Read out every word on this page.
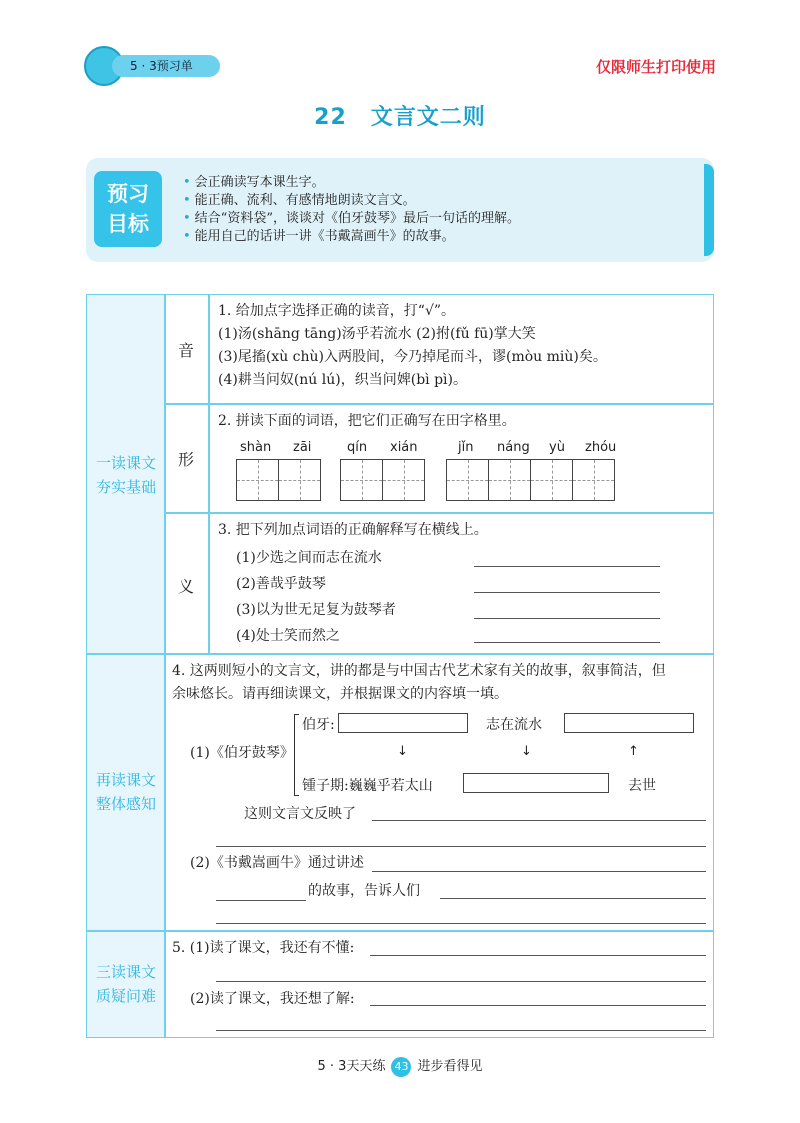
5 · 3预习单	仅限师生打印使用
22 文言文二则
预习
目标
• 会正确读写本课生字。
• 能正确、流利、有感情地朗读文言文。
• 结合“资料袋”，谈谈对《伯牙鼓琴》最后一句话的理解。
• 能用自己的话讲一讲《书戴嵩画牛》的故事。
一读课文
夯实基础
再读课文
整体感知
三读课文
质疑问难
音
1. 给加点字选择正确的读音，打“√”。
(1)汤(shāng tāng)汤乎若流水 (2)拊(fǔ fū)掌大笑
(3)尾搐(xù chù)入两股间，今乃掉尾而斗，谬(mòu miù)矣。
(4)耕当问奴(nú lú)，织当问婢(bì pì)。
形
2. 拼读下面的词语，把它们正确写在田字格里。
shàn zāi	qín xián	jǐn náng yù zhóu
义
3. 把下列加点词语的正确解释写在横线上。
(1)少选之间而志在流水
(2)善哉乎鼓琴
(3)以为世无足复为鼓琴者
(4)处士笑而然之
4. 这两则短小的文言文，讲的都是与中国古代艺术家有关的故事，叙事简洁，但
余味悠长。请再细读课文，并根据课文的内容填一填。
(1)《伯牙鼓琴》
伯牙:	志在流水
↓	↓	↑
锺子期:巍巍乎若太山	去世
这则文言文反映了
(2)《书戴嵩画牛》通过讲述
的故事，告诉人们
5. (1)读了课文，我还有不懂:
(2)读了课文，我还想了解:
5 · 3天天练 43 进步看得见
